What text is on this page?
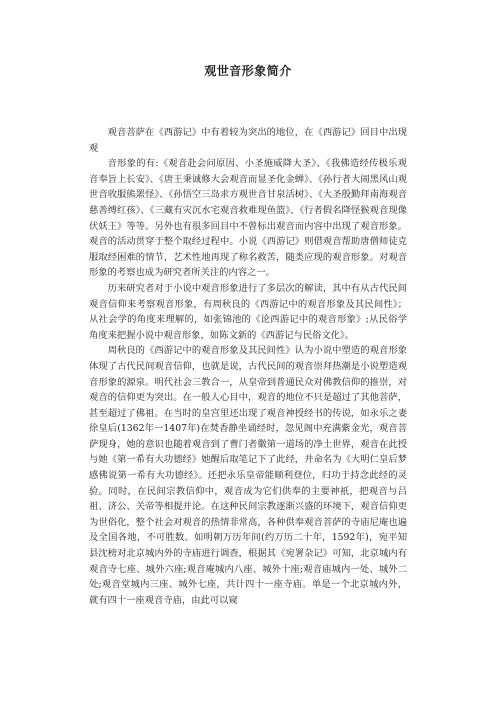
观世音形象简介

观音菩萨在《西游记》中有着较为突出的地位，在《西游记》回目中出现观

音形象的有:《观音赴会问原因、小圣施威降大圣》、《我佛造经传极乐观音奉旨上长安》、《唐王秉诚修大会观音而显圣化金蝉》、《孙行者大闹黑风山观世音收服熊罴怪》、《孙悟空三岛求方观世音甘泉活树》、《大圣殷勤拜南海观音慈善缚红孩》、《三藏有灾沉水宅观音救难现鱼篮》、《行者假名降怪猴观音现像伏妖王》等等。另外也有很多回目中不曾标出观音而内容中出现了观音形象。观音的活动贯穿于整个取经过程中。小说《西游记》则借观音帮助唐僧师徒克服取经困难的情节，艺术性地再现了称名救苦，随类应现的观音形象。对观音形象的考察也成为研究者所关注的内容之一。

历来研究者对于小说中观音形象进行了多层次的解读，其中有从古代民间观音信仰来考察观音形象，有周秋良的《西游记中的观音形象及其民间性》；从社会学的角度来理解的，如张锦池的《论西游记中的观音形象》;从民俗学角度来把握小说中观音形象，如陈文新的《西游记与民俗文化》。

周秋良的《西游记中的观音形象及其民间性》认为小说中塑造的观音形象体现了古代民间观音信仰，也就是说，古代民间的观音崇拜热潮是小说塑造观音形象的源泉。明代社会三教合一，从皇帝到普通民众对佛教信仰的推崇，对观音的信仰更为突出。在一般人心目中，观音的地位不只是超过了其他菩萨，甚至超过了佛祖。在当时的皇宫里还出现了观音神授经书的传说，如永乐之妻徐皇后(1362年一1407年)在焚香静坐诵经时，忽见阁中充满紫金光，观音菩萨现身，她的意识也随着观音到了曹门者幑第一道场的净土世界，观音在此授与她《第一希有大功德经》她醒后取笔记下了此经，并命名为《大明仁皇后梦感佛说第一希有大功德经》。还把永乐皇帝能顺利登位，归功于持念此经的灵验。同时，在民间宗教信仰中，观音成为它们供奉的主要神祇，把观音与吕祖、济公、关帝等相提并论。在这种民间宗教逐渐兴盛的环境下，观音信仰更为世俗化，整个社会对观音的热情非常高，各种供奉观音菩萨的寺庙尼庵也遍及全国各地，不可胜数。如明朝万历年间(约万历二十年，1592年)，宛平知县沈榜对北京城内外的寺庙进行调查，根据其《宛署杂记》可知，北京城内有观音寺七座、城外六座;观音庵城内八座、城外十座;观音庙城内一处、城外二处;观音堂城内三座、城外七座，共计四十一座寺庙。单是一个北京城内外，就有四十一座观音寺庙，由此可以窥
